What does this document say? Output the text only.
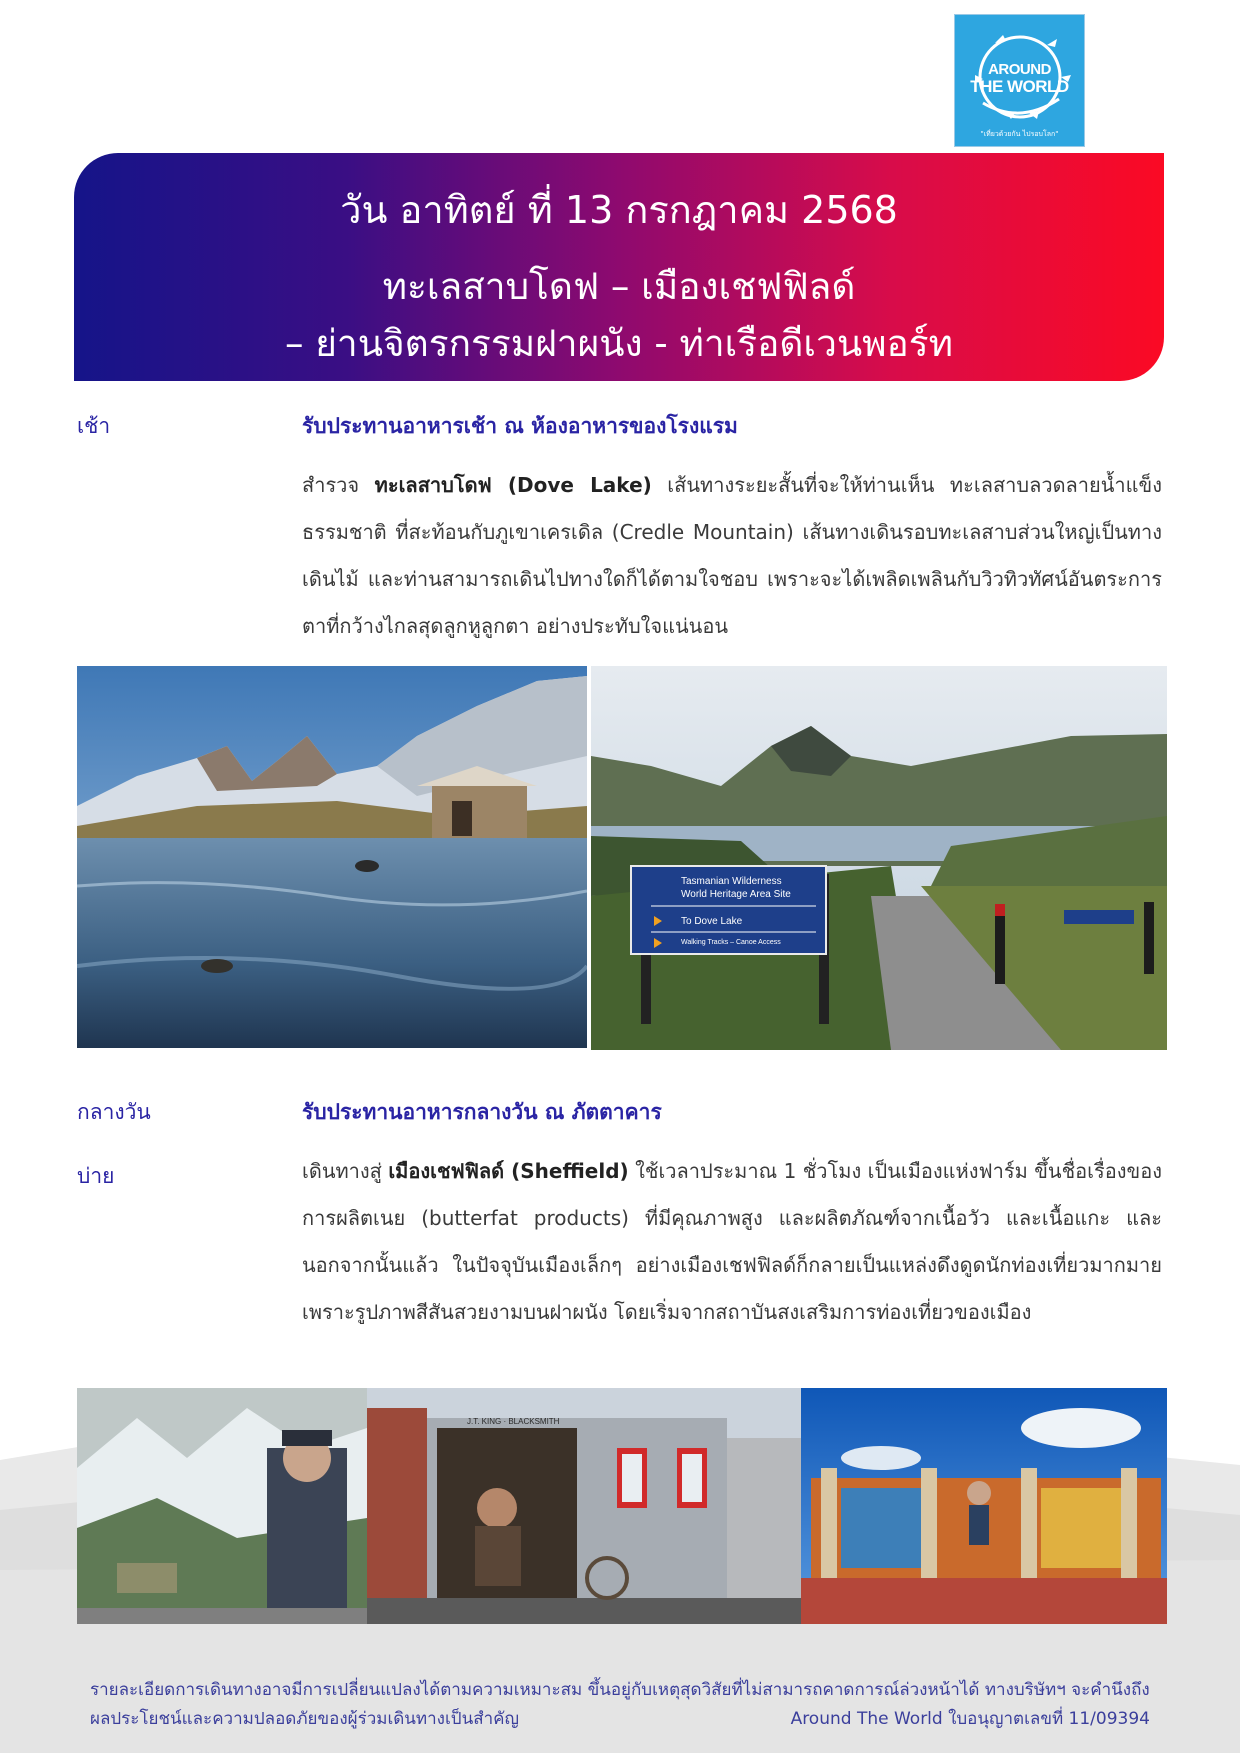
AROUND
THE WORLD
"เที่ยวด้วยกัน ไปรอบโลก"
วัน อาทิตย์ ที่ 13 กรกฎาคม 2568
ทะเลสาบโดฟ – เมืองเชฟฟิลด์
– ย่านจิตรกรรมฝาผนัง - ท่าเรือดีเวนพอร์ท
เช้า	รับประทานอาหารเช้า ณ ห้องอาหารของโรงแรม
สำรวจ ทะเลสาบโดฟ (Dove Lake) เส้นทางระยะสั้นที่จะให้ท่านเห็น ทะเลสาบลวดลายน้ำแข็งธรรมชาติ ที่สะท้อนกับภูเขาเครเดิล (Credle Mountain) เส้นทางเดินรอบทะเลสาบส่วนใหญ่เป็นทางเดินไม้ และท่านสามารถเดินไปทางใดก็ได้ตามใจชอบ เพราะจะได้เพลิดเพลินกับวิวทิวทัศน์อันตระการตาที่กว้างไกลสุดลูกหูลูกตา อย่างประทับใจแน่นอน
Tasmanian Wilderness
World Heritage Area Site
To Dove Lake
Walking Tracks – Canoe Access
กลางวัน	รับประทานอาหารกลางวัน ณ ภัตตาคาร
บ่าย	เดินทางสู่ เมืองเชฟฟิลด์ (Sheffield) ใช้เวลาประมาณ 1 ชั่วโมง เป็นเมืองแห่งฟาร์ม ขึ้นชื่อเรื่องของการผลิตเนย (butterfat products) ที่มีคุณภาพสูง และผลิตภัณฑ์จากเนื้อวัว และเนื้อแกะ และนอกจากนั้นแล้ว ในปัจจุบันเมืองเล็กๆ อย่างเมืองเชฟฟิลด์ก็กลายเป็นแหล่งดึงดูดนักท่องเที่ยวมากมาย เพราะรูปภาพสีสันสวยงามบนฝาผนัง โดยเริ่มจากสถาบันสงเสริมการท่องเที่ยวของเมือง
J.T. KING · BLACKSMITH
รายละเอียดการเดินทางอาจมีการเปลี่ยนแปลงได้ตามความเหมาะสม ขึ้นอยู่กับเหตุสุดวิสัยที่ไม่สามารถคาดการณ์ล่วงหน้าได้ ทางบริษัทฯ จะคำนึงถึง
ผลประโยชน์และความปลอดภัยของผู้ร่วมเดินทางเป็นสำคัญ	Around The World ใบอนุญาตเลขที่ 11/09394
